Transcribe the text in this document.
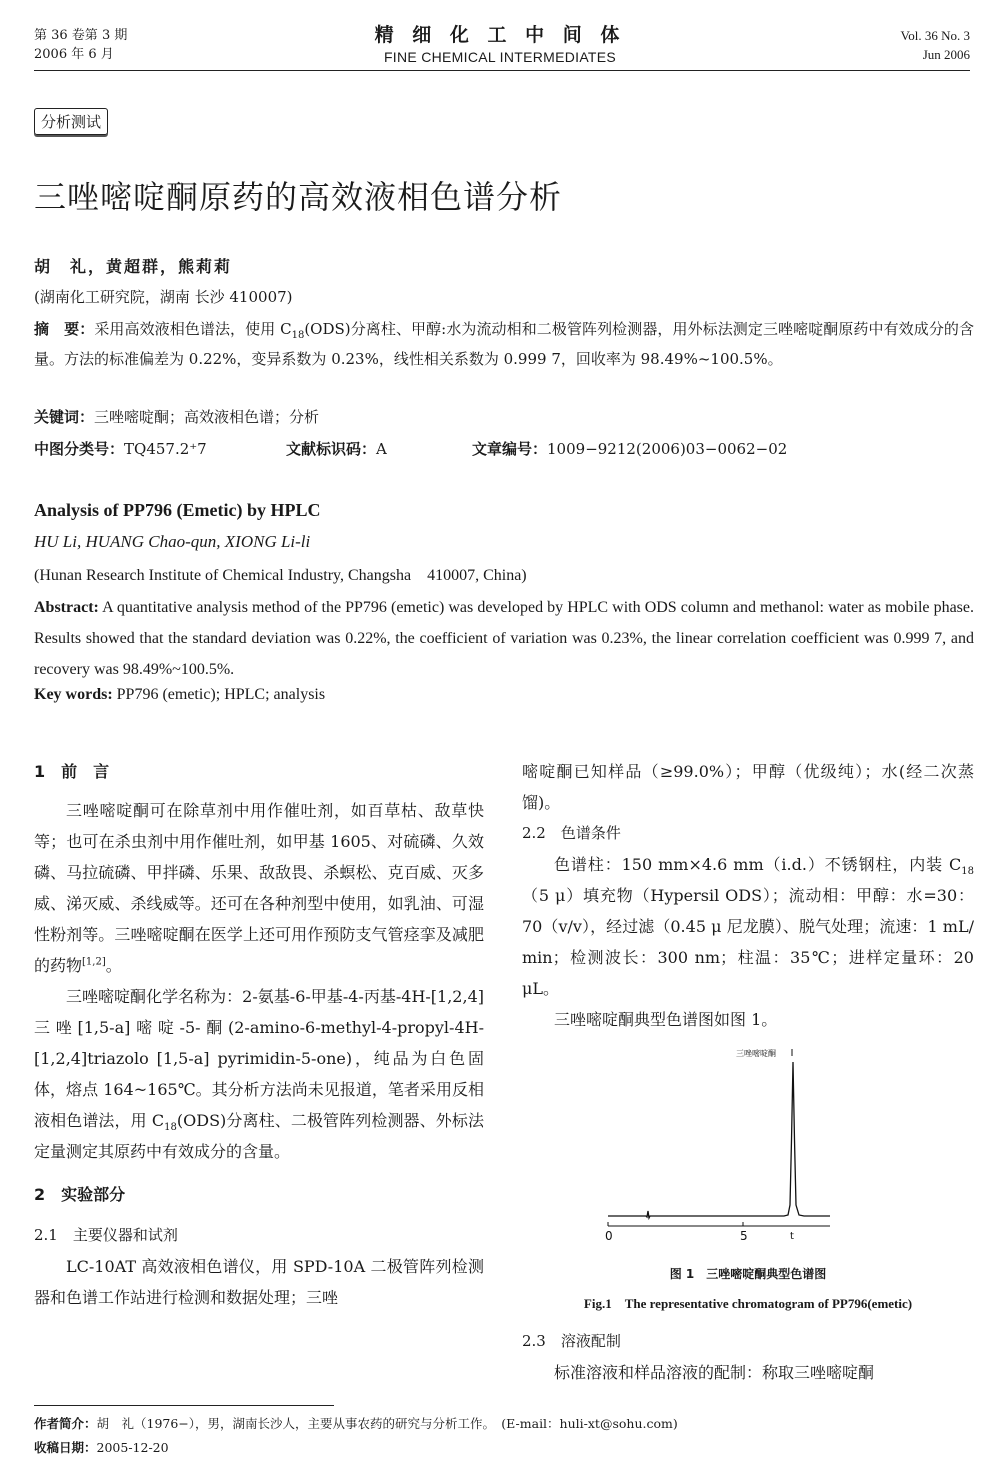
第 36 卷第 3 期
2006 年 6 月
精 细 化 工 中 间 体
FINE CHEMICAL INTERMEDIATES
Vol. 36 No. 3
Jun 2006
分析测试
三唑嘧啶酮原药的高效液相色谱分析
胡　礼，黄超群，熊莉莉
(湖南化工研究院，湖南 长沙 410007)
摘　要：采用高效液相色谱法，使用 $C_{18}(ODS)$分离柱、甲醇:水为流动相和二极管阵列检测器，用外标法测定三唑嘧啶酮原药中有效成分的含量。方法的标准偏差为 0.22%，变异系数为 0.23%，线性相关系数为 0.999 7，回收率为 98.49%~100.5%。
关键词：三唑嘧啶酮；高效液相色谱；分析
中图分类号：TQ457.2⁺7	文献标识码：A	文章编号：1009−9212(2006)03−0062−02
Analysis of PP796 (Emetic) by HPLC
HU Li, HUANG Chao-qun, XIONG Li-li
(Hunan Research Institute of Chemical Industry, Changsha　410007, China)
Abstract: A quantitative analysis method of the PP796 (emetic) was developed by HPLC with ODS column and methanol: water as mobile phase. Results showed that the standard deviation was 0.22%, the coefficient of variation was 0.23%, the linear correlation coefficient was 0.999 7, and recovery was 98.49%~100.5%.
Key words: PP796 (emetic); HPLC; analysis
1　前　言

三唑嘧啶酮可在除草剂中用作催吐剂，如百草枯、敌草快等；也可在杀虫剂中用作催吐剂，如甲基 1605、对硫磷、久效磷、马拉硫磷、甲拌磷、乐果、敌敌畏、杀螟松、克百威、灭多威、涕灭威、杀线威等。还可在各种剂型中使用，如乳油、可湿性粉剂等。三唑嘧啶酮在医学上还可用作预防支气管痉挛及减肥的药物[1,2]。

三唑嘧啶酮化学名称为：2-氨基-6-甲基-4-丙基-4H-[1,2,4]三唑[1,5-a]嘧啶-5-酮(2-amino-6-methyl-4-propyl-4H-[1,2,4]triazolo [1,5-a] pyrimidin-5-one)，纯品为白色固体，熔点 164~165℃。其分析方法尚未见报道，笔者采用反相液相色谱法，用 $C_{18}(ODS)$分离柱、二极管阵列检测器、外标法定量测定其原药中有效成分的含量。

2　实验部分
2.1　主要仪器和试剂

LC-10AT 高效液相色谱仪，用 SPD-10A 二极管阵列检测器和色谱工作站进行检测和数据处理；三唑

嘧啶酮已知样品（≥99.0%）；甲醇（优级纯）；水(经二次蒸馏)。

2.2　色谱条件

色谱柱：150 mm×4.6 mm（i.d.）不锈钢柱，内装 $C_{18}(5$ μ）填充物（Hypersil ODS）；流动相：甲醇：水=30：70（v/v），经过滤（0.45 μ 尼龙膜）、脱气处理；流速：1 mL/ min；检测波长：300 nm；柱温：35℃；进样定量环：20 μL。

三唑嘧啶酮典型色谱图如图 1。

三唑嘧啶酮
0	5	t
图 1　三唑嘧啶酮典型色谱图
Fig.1　The representative chromatogram of PP796(emetic)
2.3　溶液配制

标准溶液和样品溶液的配制：称取三唑嘧啶酮

作者简介：胡　礼（1976−），男，湖南长沙人，主要从事农药的研究与分析工作。　(E-mail：huli-xt@sohu.com)
收稿日期：2005-12-20
